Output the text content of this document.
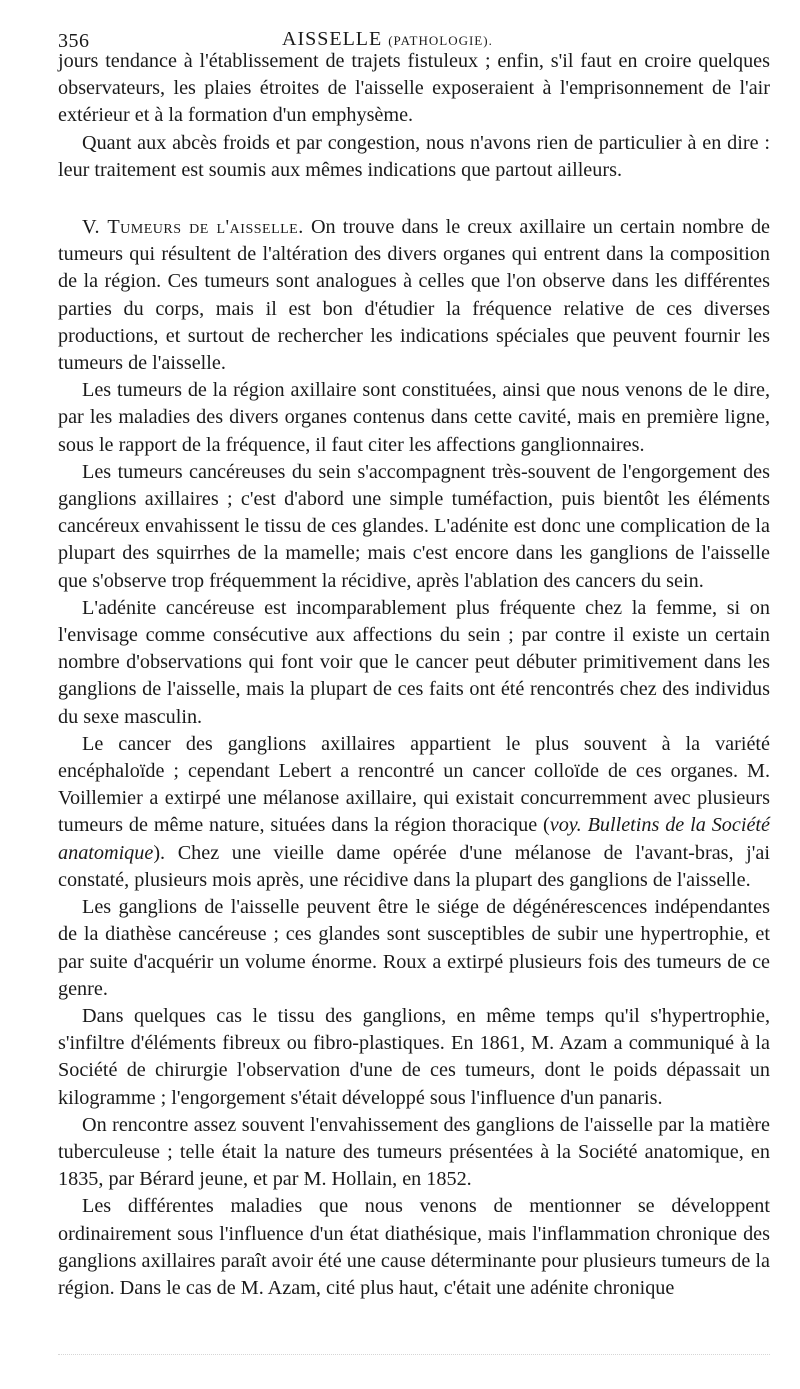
356	AISSELLE (PATHOLOGIE).

jours tendance à l'établissement de trajets fistuleux ; enfin, s'il faut en croire quelques observateurs, les plaies étroites de l'aisselle exposeraient à l'emprisonnement de l'air extérieur et à la formation d'un emphysème.

Quant aux abcès froids et par congestion, nous n'avons rien de particulier à en dire : leur traitement est soumis aux mêmes indications que partout ailleurs.

V. Tumeurs de l'aisselle. On trouve dans le creux axillaire un certain nombre de tumeurs qui résultent de l'altération des divers organes qui entrent dans la composition de la région. Ces tumeurs sont analogues à celles que l'on observe dans les différentes parties du corps, mais il est bon d'étudier la fréquence relative de ces diverses productions, et surtout de rechercher les indications spéciales que peuvent fournir les tumeurs de l'aisselle.

Les tumeurs de la région axillaire sont constituées, ainsi que nous venons de le dire, par les maladies des divers organes contenus dans cette cavité, mais en première ligne, sous le rapport de la fréquence, il faut citer les affections ganglionnaires.

Les tumeurs cancéreuses du sein s'accompagnent très-souvent de l'engorgement des ganglions axillaires ; c'est d'abord une simple tuméfaction, puis bientôt les éléments cancéreux envahissent le tissu de ces glandes. L'adénite est donc une complication de la plupart des squirrhes de la mamelle; mais c'est encore dans les ganglions de l'aisselle que s'observe trop fréquemment la récidive, après l'ablation des cancers du sein.

L'adénite cancéreuse est incomparablement plus fréquente chez la femme, si on l'envisage comme consécutive aux affections du sein ; par contre il existe un certain nombre d'observations qui font voir que le cancer peut débuter primitivement dans les ganglions de l'aisselle, mais la plupart de ces faits ont été rencontrés chez des individus du sexe masculin.

Le cancer des ganglions axillaires appartient le plus souvent à la variété encéphaloïde ; cependant Lebert a rencontré un cancer colloïde de ces organes. M. Voillemier a extirpé une mélanose axillaire, qui existait concurremment avec plusieurs tumeurs de même nature, situées dans la région thoracique (voy. Bulletins de la Société anatomique). Chez une vieille dame opérée d'une mélanose de l'avant-bras, j'ai constaté, plusieurs mois après, une récidive dans la plupart des ganglions de l'aisselle.

Les ganglions de l'aisselle peuvent être le siége de dégénérescences indépendantes de la diathèse cancéreuse ; ces glandes sont susceptibles de subir une hypertrophie, et par suite d'acquérir un volume énorme. Roux a extirpé plusieurs fois des tumeurs de ce genre.

Dans quelques cas le tissu des ganglions, en même temps qu'il s'hypertrophie, s'infiltre d'éléments fibreux ou fibro-plastiques. En 1861, M. Azam a communiqué à la Société de chirurgie l'observation d'une de ces tumeurs, dont le poids dépassait un kilogramme ; l'engorgement s'était développé sous l'influence d'un panaris.

On rencontre assez souvent l'envahissement des ganglions de l'aisselle par la matière tuberculeuse ; telle était la nature des tumeurs présentées à la Société anatomique, en 1835, par Bérard jeune, et par M. Hollain, en 1852.

Les différentes maladies que nous venons de mentionner se développent ordinairement sous l'influence d'un état diathésique, mais l'inflammation chronique des ganglions axillaires paraît avoir été une cause déterminante pour plusieurs tumeurs de la région. Dans le cas de M. Azam, cité plus haut, c'était une adénite chronique
